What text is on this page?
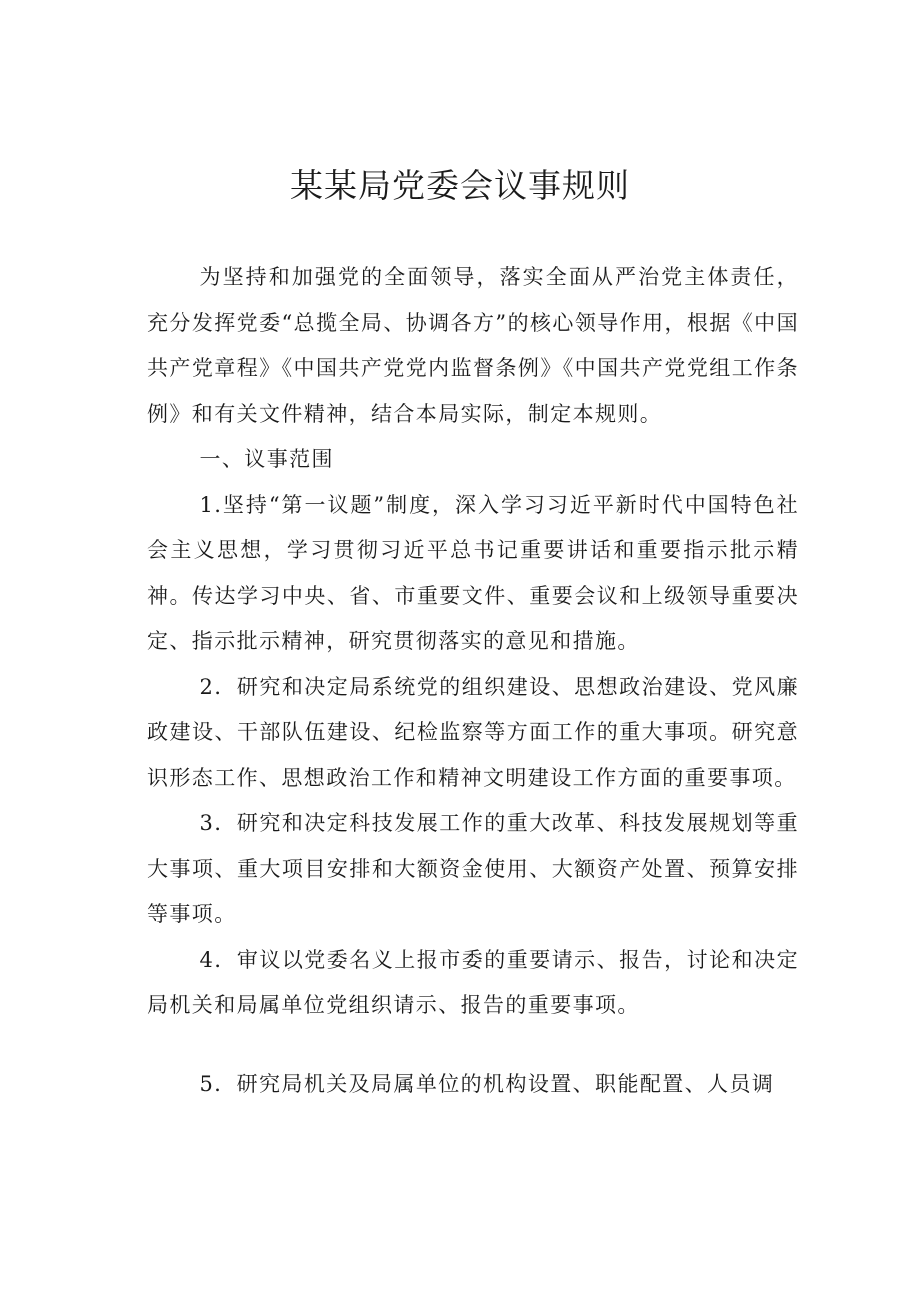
某某局党委会议事规则

为坚持和加强党的全面领导，落实全面从严治党主体责任，充分发挥党委“总揽全局、协调各方”的核心领导作用，根据《中国共产党章程》《中国共产党党内监督条例》《中国共产党党组工作条例》和有关文件精神，结合本局实际，制定本规则。

一、议事范围

1.坚持“第一议题”制度，深入学习习近平新时代中国特色社会主义思想，学习贯彻习近平总书记重要讲话和重要指示批示精神。传达学习中央、省、市重要文件、重要会议和上级领导重要决定、指示批示精神，研究贯彻落实的意见和措施。

2．研究和决定局系统党的组织建设、思想政治建设、党风廉政建设、干部队伍建设、纪检监察等方面工作的重大事项。研究意识形态工作、思想政治工作和精神文明建设工作方面的重要事项。

3．研究和决定科技发展工作的重大改革、科技发展规划等重大事项、重大项目安排和大额资金使用、大额资产处置、预算安排等事项。

4．审议以党委名义上报市委的重要请示、报告，讨论和决定局机关和局属单位党组织请示、报告的重要事项。

5．研究局机关及局属单位的机构设置、职能配置、人员调
